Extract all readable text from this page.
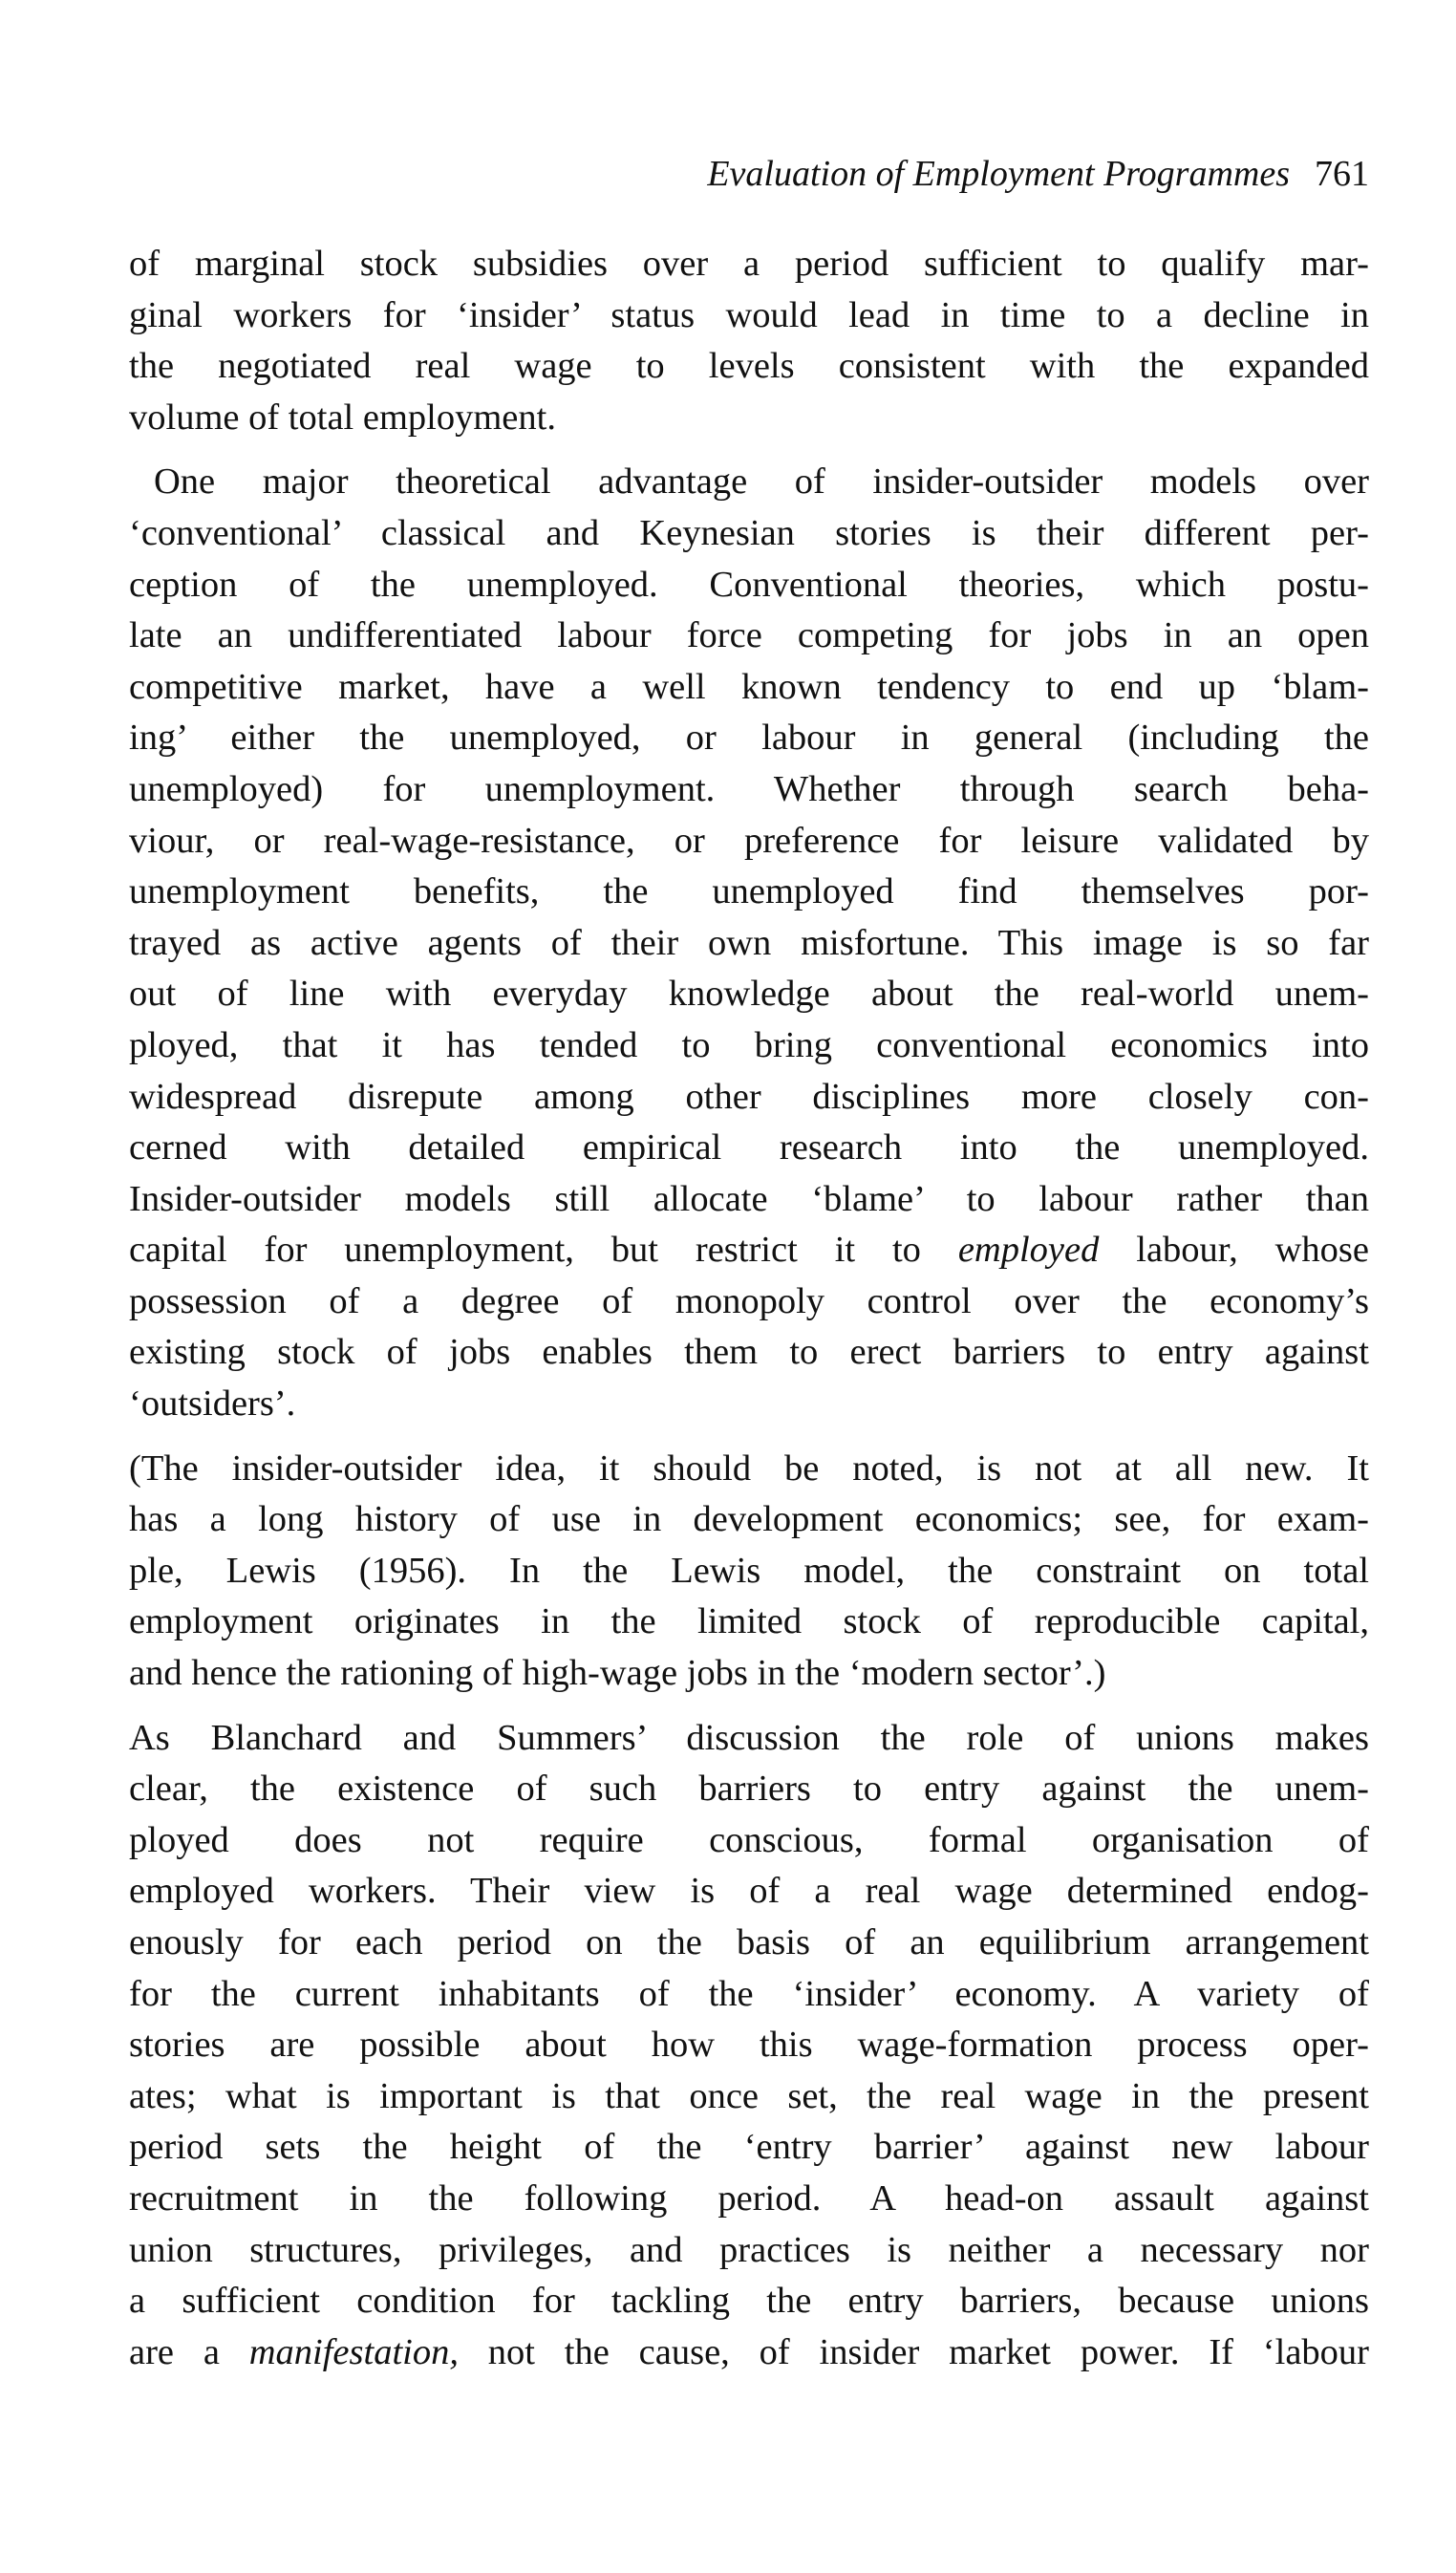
Evaluation of Employment Programmes 761
of marginal stock subsidies over a period sufficient to qualify mar-
ginal workers for ‘insider’ status would lead in time to a decline in
the negotiated real wage to levels consistent with the expanded
volume of total employment.
One major theoretical advantage of insider-outsider models over
‘conventional’ classical and Keynesian stories is their different per-
ception of the unemployed. Conventional theories, which postu-
late an undifferentiated labour force competing for jobs in an open
competitive market, have a well known tendency to end up ‘blam-
ing’ either the unemployed, or labour in general (including the
unemployed) for unemployment. Whether through search beha-
viour, or real-wage-resistance, or preference for leisure validated by
unemployment benefits, the unemployed find themselves por-
trayed as active agents of their own misfortune. This image is so far
out of line with everyday knowledge about the real-world unem-
ployed, that it has tended to bring conventional economics into
widespread disrepute among other disciplines more closely con-
cerned with detailed empirical research into the unemployed.
Insider-outsider models still allocate ‘blame’ to labour rather than
capital for unemployment, but restrict it to employed labour, whose
possession of a degree of monopoly control over the economy’s
existing stock of jobs enables them to erect barriers to entry against
‘outsiders’.
(The insider-outsider idea, it should be noted, is not at all new. It
has a long history of use in development economics; see, for exam-
ple, Lewis (1956). In the Lewis model, the constraint on total
employment originates in the limited stock of reproducible capital,
and hence the rationing of high-wage jobs in the ‘modern sector’.)
As Blanchard and Summers’ discussion the role of unions makes
clear, the existence of such barriers to entry against the unem-
ployed does not require conscious, formal organisation of
employed workers. Their view is of a real wage determined endog-
enously for each period on the basis of an equilibrium arrangement
for the current inhabitants of the ‘insider’ economy. A variety of
stories are possible about how this wage-formation process oper-
ates; what is important is that once set, the real wage in the present
period sets the height of the ‘entry barrier’ against new labour
recruitment in the following period. A head-on assault against
union structures, privileges, and practices is neither a necessary nor
a sufficient condition for tackling the entry barriers, because unions
are a manifestation, not the cause, of insider market power. If ‘labour
